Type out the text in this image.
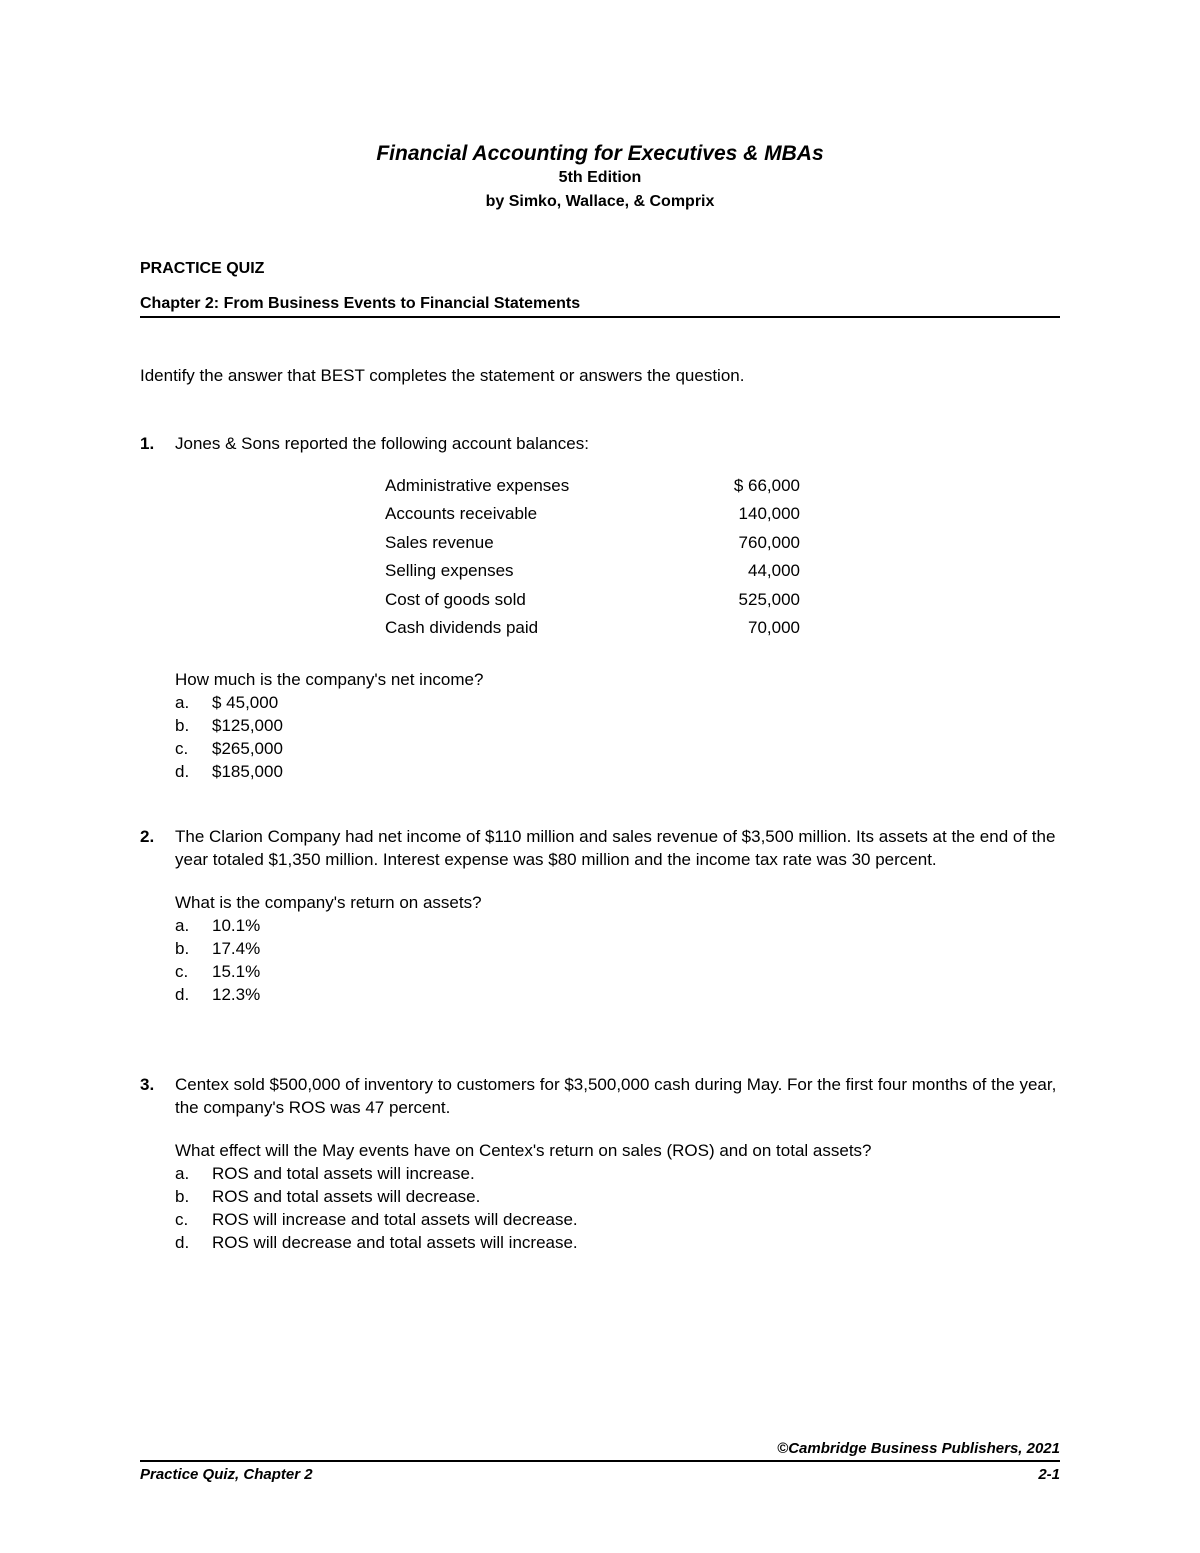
Financial Accounting for Executives & MBAs
5th Edition
by Simko, Wallace, & Comprix
PRACTICE QUIZ
Chapter 2: From Business Events to Financial Statements
Identify the answer that BEST completes the statement or answers the question.
1. Jones & Sons reported the following account balances:
Administrative expenses	$ 66,000
Accounts receivable	140,000
Sales revenue	760,000
Selling expenses	44,000
Cost of goods sold	525,000
Cash dividends paid	70,000
How much is the company's net income?
a. $ 45,000
b. $125,000
c. $265,000
d. $185,000
2. The Clarion Company had net income of $110 million and sales revenue of $3,500 million. Its assets at the end of the year totaled $1,350 million. Interest expense was $80 million and the income tax rate was 30 percent.
What is the company's return on assets?
a. 10.1%
b. 17.4%
c. 15.1%
d. 12.3%
3. Centex sold $500,000 of inventory to customers for $3,500,000 cash during May. For the first four months of the year, the company's ROS was 47 percent.
What effect will the May events have on Centex's return on sales (ROS) and on total assets?
a. ROS and total assets will increase.
b. ROS and total assets will decrease.
c. ROS will increase and total assets will decrease.
d. ROS will decrease and total assets will increase.
©Cambridge Business Publishers, 2021
Practice Quiz, Chapter 2	2-1
